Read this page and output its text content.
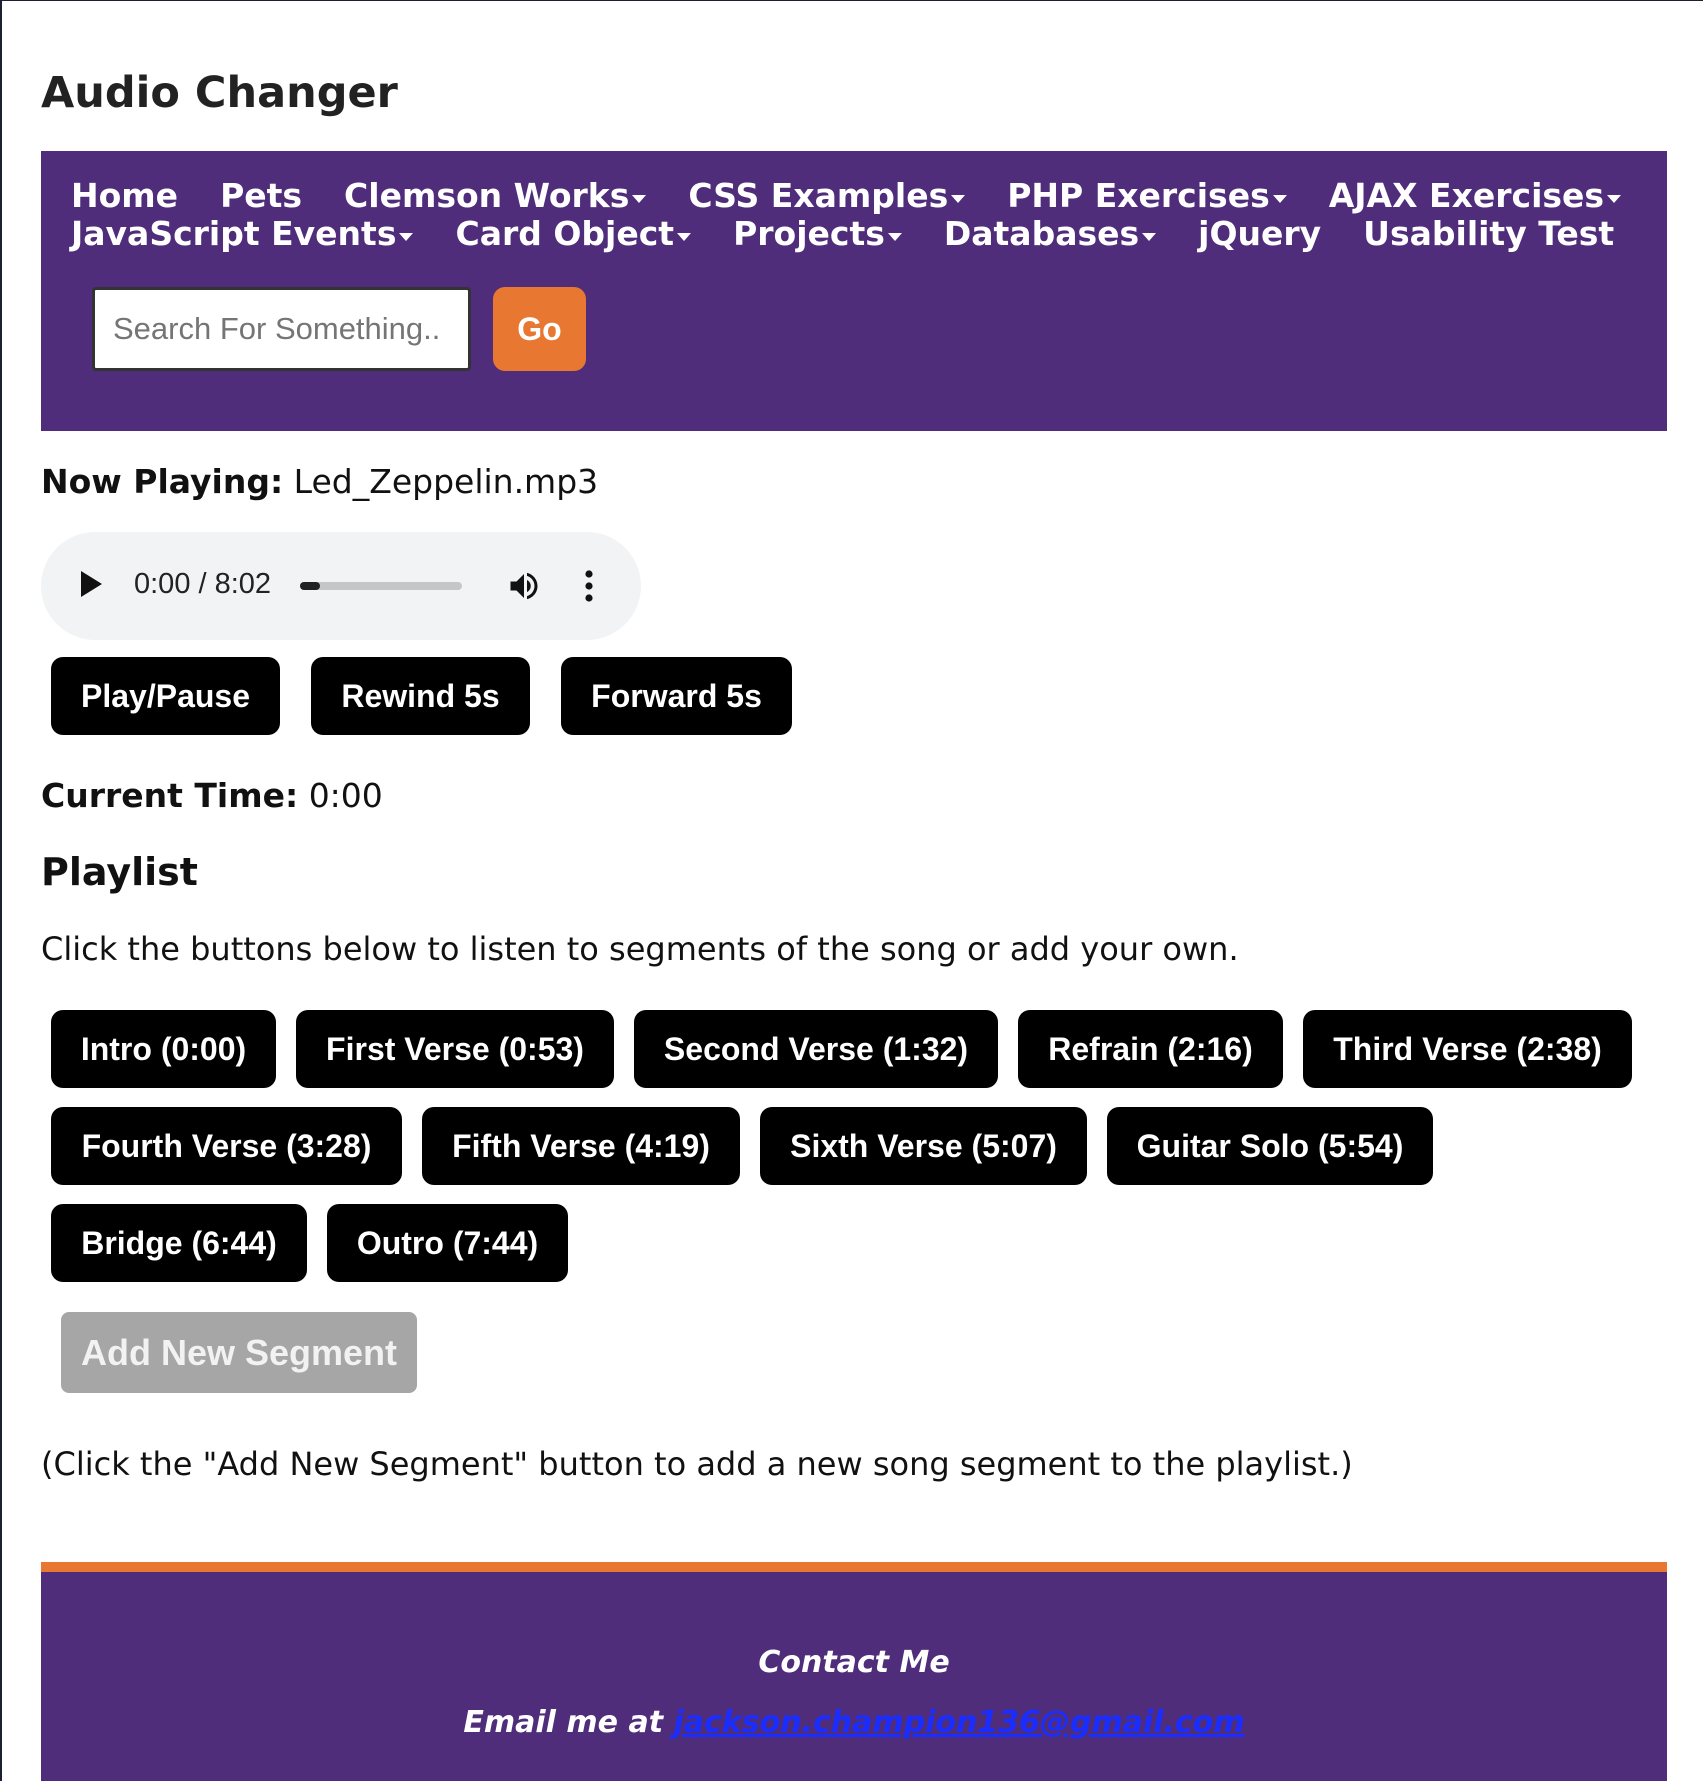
Audio Changer
Home Pets Clemson Works CSS Examples PHP Exercises AJAX Exercises
JavaScript Events Card Object Projects Databases jQuery Usability Test
Search For Something..
Go
Now Playing: Led_Zeppelin.mp3
0:00 / 8:02
Play/Pause	Rewind 5s	Forward 5s
Current Time: 0:00
Playlist

Click the buttons below to listen to segments of the song or add your own.

Intro (0:00)	First Verse (0:53)	Second Verse (1:32)	Refrain (2:16)	Third Verse (2:38)
Fourth Verse (3:28)	Fifth Verse (4:19)	Sixth Verse (5:07)	Guitar Solo (5:54)
Bridge (6:44)	Outro (7:44)
Add New Segment

(Click the "Add New Segment" button to add a new song segment to the playlist.)

Contact Me
Email me at jackson.champion136@gmail.com
